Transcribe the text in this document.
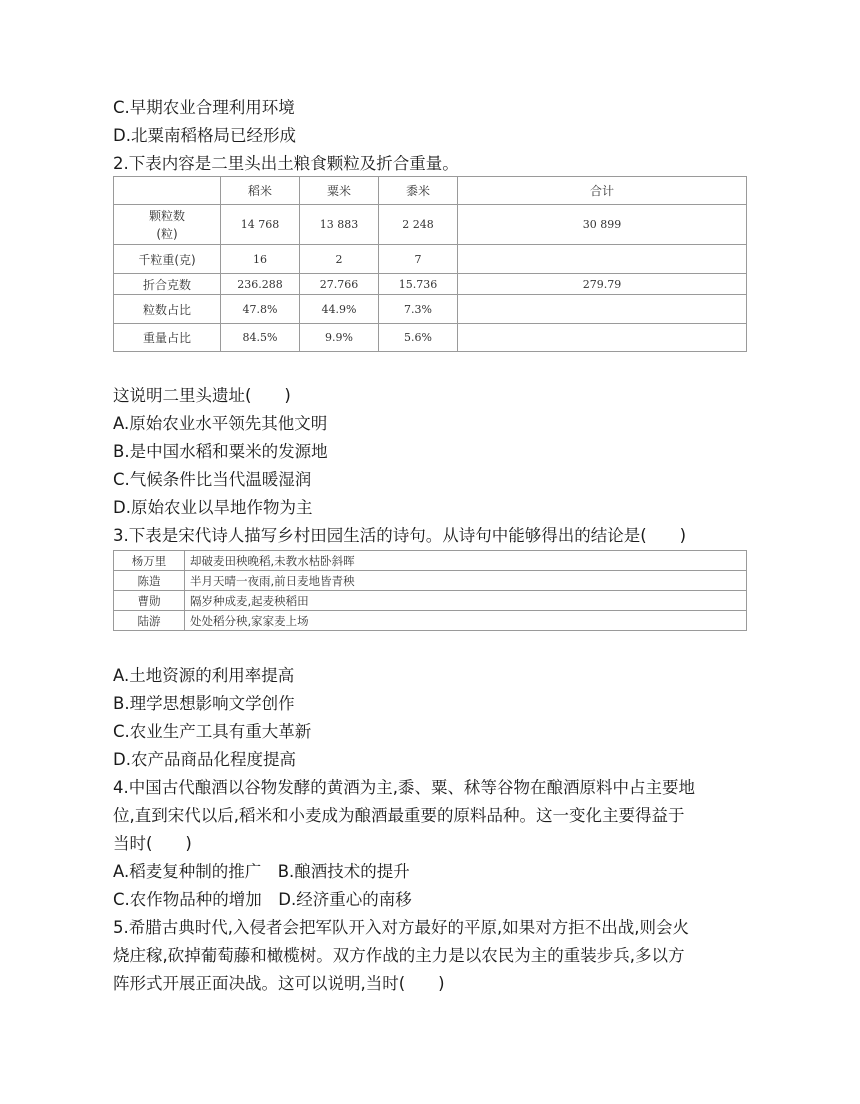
C.早期农业合理利用环境
D.北粟南稻格局已经形成
2.下表内容是二里头出土粮食颗粒及折合重量。
	稻米	粟米	黍米	合计
颗粒数
(粒)	14 768	13 883	2 248	30 899
千粒重(克)	16	2	7	
折合克数	236.288	27.766	15.736	279.79
粒数占比	47.8%	44.9%	7.3%	
重量占比	84.5%	9.9%	5.6%	
这说明二里头遗址(　　)
A.原始农业水平领先其他文明
B.是中国水稻和粟米的发源地
C.气候条件比当代温暖湿润
D.原始农业以旱地作物为主
3.下表是宋代诗人描写乡村田园生活的诗句。从诗句中能够得出的结论是(　　)
杨万里	却破麦田秧晚稻,未教水枯卧斜晖
陈造	半月天晴一夜雨,前日麦地皆青秧
曹勋	隔岁种成麦,起麦秧稻田
陆游	处处稻分秧,家家麦上场
A.土地资源的利用率提高
B.理学思想影响文学创作
C.农业生产工具有重大革新
D.农产品商品化程度提高
4.中国古代酿酒以谷物发酵的黄酒为主,黍、粟、秫等谷物在酿酒原料中占主要地
位,直到宋代以后,稻米和小麦成为酿酒最重要的原料品种。这一变化主要得益于
当时(　　)
A.稻麦复种制的推广　B.酿酒技术的提升
C.农作物品种的增加　D.经济重心的南移
5.希腊古典时代,入侵者会把军队开入对方最好的平原,如果对方拒不出战,则会火
烧庄稼,砍掉葡萄藤和橄榄树。双方作战的主力是以农民为主的重装步兵,多以方
阵形式开展正面决战。这可以说明,当时(　　)
